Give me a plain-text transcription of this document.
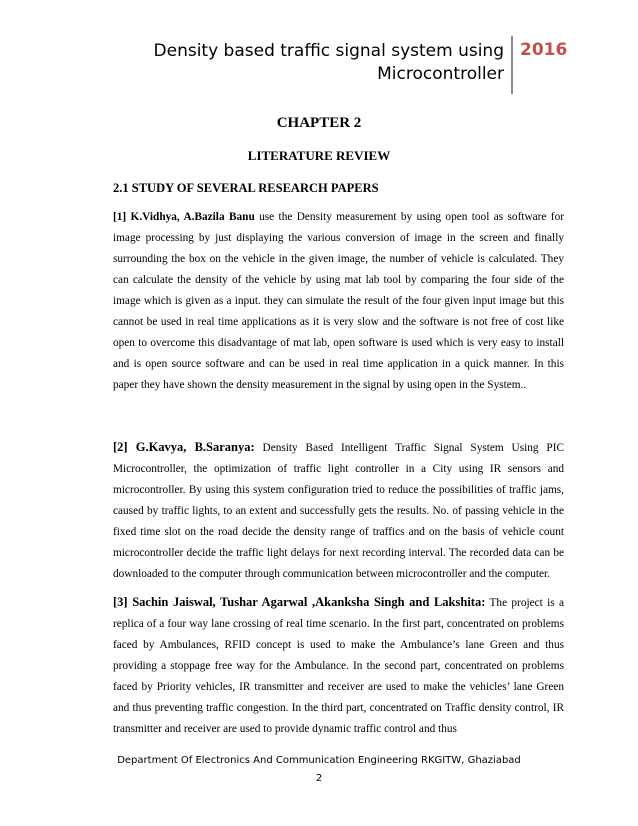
Density based traffic signal system using
Microcontroller
2016
CHAPTER 2
LITERATURE REVIEW
2.1 STUDY OF SEVERAL RESEARCH PAPERS
[1] K.Vidhya, A.Bazila Banu use the Density measurement by using open tool as software for image processing by just displaying the various conversion of image in the screen and finally surrounding the box on the vehicle in the given image, the number of vehicle is calculated. They can calculate the density of the vehicle by using mat lab tool by comparing the four side of the image which is given as a input. they can simulate the result of the four given input image but this cannot be used in real time applications as it is very slow and the software is not free of cost like open to overcome this disadvantage of mat lab, open software is used which is very easy to install and is open source software and can be used in real time application in a quick manner. In this paper they have shown the density measurement in the signal by using open in the System..
[2] G.Kavya, B.Saranya: Density Based Intelligent Traffic Signal System Using PIC Microcontroller, the optimization of traffic light controller in a City using IR sensors and microcontroller. By using this system configuration tried to reduce the possibilities of traffic jams, caused by traffic lights, to an extent and successfully gets the results. No. of passing vehicle in the fixed time slot on the road decide the density range of traffics and on the basis of vehicle count microcontroller decide the traffic light delays for next recording interval. The recorded data can be downloaded to the computer through communication between microcontroller and the computer.
[3] Sachin Jaiswal, Tushar Agarwal ,Akanksha Singh and Lakshita: The project is a replica of a four way lane crossing of real time scenario. In the first part, concentrated on problems faced by Ambulances, RFID concept is used to make the Ambulance’s lane Green and thus providing a stoppage free way for the Ambulance. In the second part, concentrated on problems faced by Priority vehicles, IR transmitter and receiver are used to make the vehicles’ lane Green and thus preventing traffic congestion. In the third part, concentrated on Traffic density control, IR transmitter and receiver are used to provide dynamic traffic control and thus
Department Of Electronics And Communication Engineering RKGITW, Ghaziabad
2
